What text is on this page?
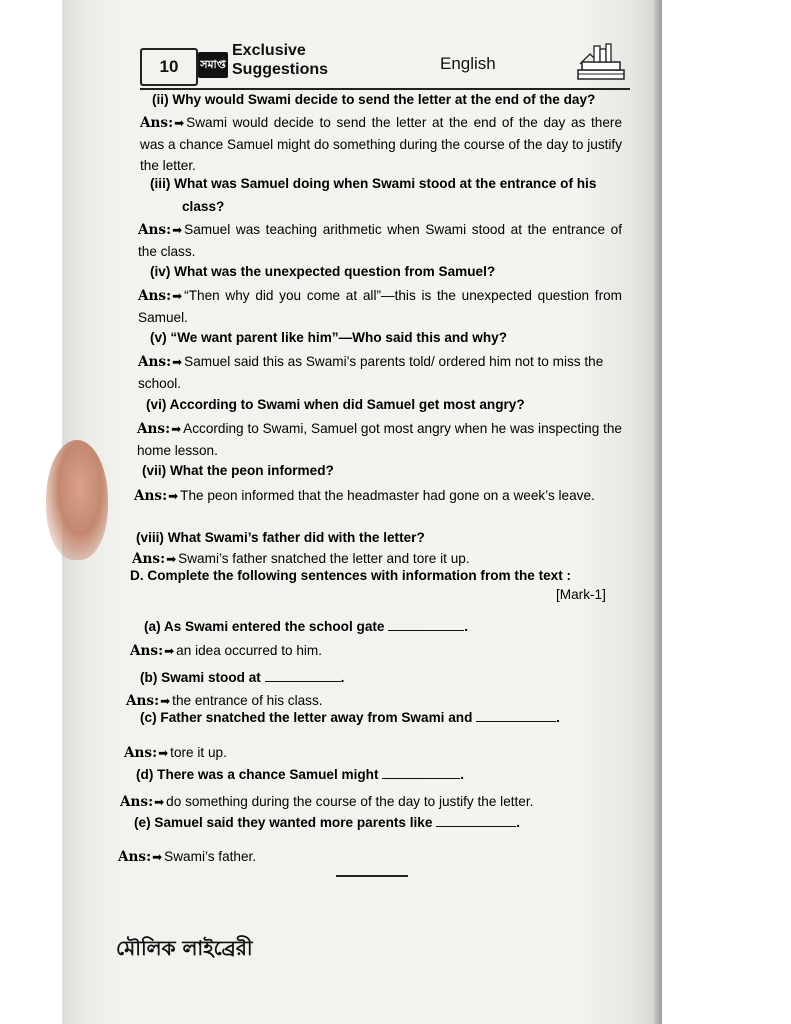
10	সমাপ্ত
Exclusive
Suggestions	English
(ii) Why would Swami decide to send the letter at the end of the day?
Ans:➡ Swami would decide to send the letter at the end of the day as there was a chance Samuel might do something during the course of the day to justify the letter.
(iii) What was Samuel doing when Swami stood at the entrance of his
class?
Ans:➡ Samuel was teaching arithmetic when Swami stood at the entrance of the class.
(iv) What was the unexpected question from Samuel?
Ans:➡ “Then why did you come at all”—this is the unexpected question from Samuel.
(v) “We want parent like him”—Who said this and why?
Ans:➡ Samuel said this as Swami’s parents told/ ordered him not to miss the school.
(vi) According to Swami when did Samuel get most angry?
Ans:➡ According to Swami, Samuel got most angry when he was inspecting the home lesson.
(vii) What the peon informed?
Ans:➡ The peon informed that the headmaster had gone on a week’s leave.
(viii) What Swami’s father did with the letter?
Ans:➡ Swami’s father snatched the letter and tore it up.
D. Complete the following sentences with information from the text :
[Mark-1]
(a) As Swami entered the school gate	.
Ans:➡ an idea occurred to him.
(b) Swami stood at	.
Ans:➡ the entrance of his class.
(c) Father snatched the letter away from Swami and	.
Ans:➡ tore it up.
(d) There was a chance Samuel might	.
Ans:➡ do something during the course of the day to justify the letter.
(e) Samuel said they wanted more parents like	.
Ans:➡ Swami’s father.
মৌলিক লাইব্রেরী
